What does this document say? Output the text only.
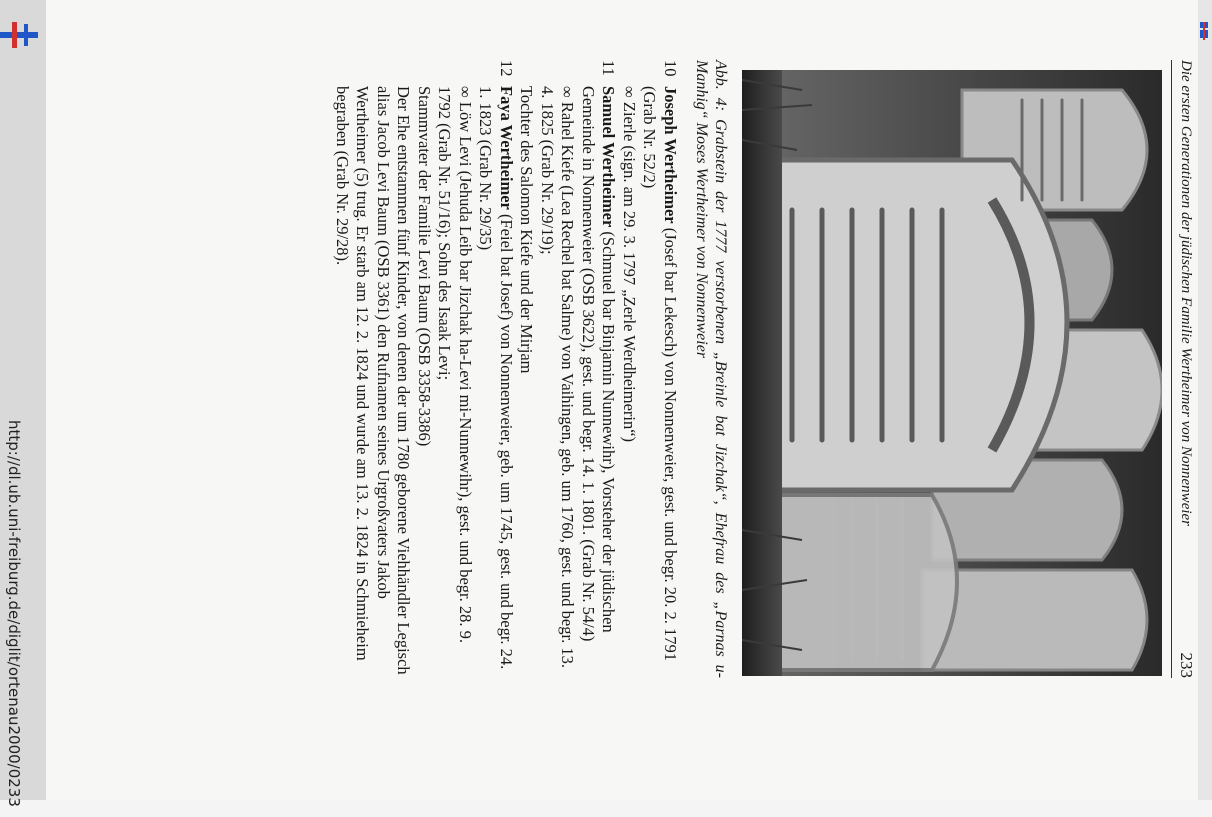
Die ersten Generationen der jüdischen Familie Wertheimer von Nonnenweier
233
Abb. 4: Grabstein der 1777 verstorbenen „Breinle bat Jizchak“, Ehefrau des „Parnas u-Manhig“ Moses Wertheimer von Nonnenweier
10

Joseph Wertheimer (Josef bar Lekesch) von Nonnenweier, gest. und begr. 20. 2. 1791 (Grab Nr. 52/2)

∞ Zierle (sign. am 29. 3. 1797 „Zerle Werdheimerin“)

11

Samuel Wertheimer (Schmuel bar Binjamin Nunnewihr), Vorsteher der jüdischen Gemeinde in Nonnenweier (OSB 3622), gest. und begr. 14. 1. 1801. (Grab Nr. 54/4)

∞ Rahel Kiefe (Lea Rechel bat Salme) von Vaihingen, geb. um 1760, gest. und begr. 13. 4. 1825 (Grab Nr. 29/19);

Tochter des Salomon Kiefe und der Mirjam

12

Faya Wertheimer (Feiel bat Josef) von Nonnenweier, geb. um 1745, gest. und begr. 24. 1. 1823 (Grab Nr. 29/35)

∞ Löw Levi (Jehuda Leib bar Jizchak ha-Levi mi-Nunnewihr), gest. und begr. 28. 9. 1792 (Grab Nr. 51/16); Sohn des Isaak Levi;

Stammvater der Familie Levi Baum (OSB 3358-3386)

Der Ehe entstammen fünf Kinder, von denen der um 1780 geborene Viehhändler Legisch alias Jacob Levi Baum (OSB 3361) den Rufnamen seines Urgroßvaters Jakob Wertheimer (5) trug. Er starb am 12. 2. 1824 und wurde am 13. 2. 1824 in Schmieheim begraben (Grab Nr. 29/28).

http://dl.ub.uni-freiburg.de/diglit/ortenau2000/0233
